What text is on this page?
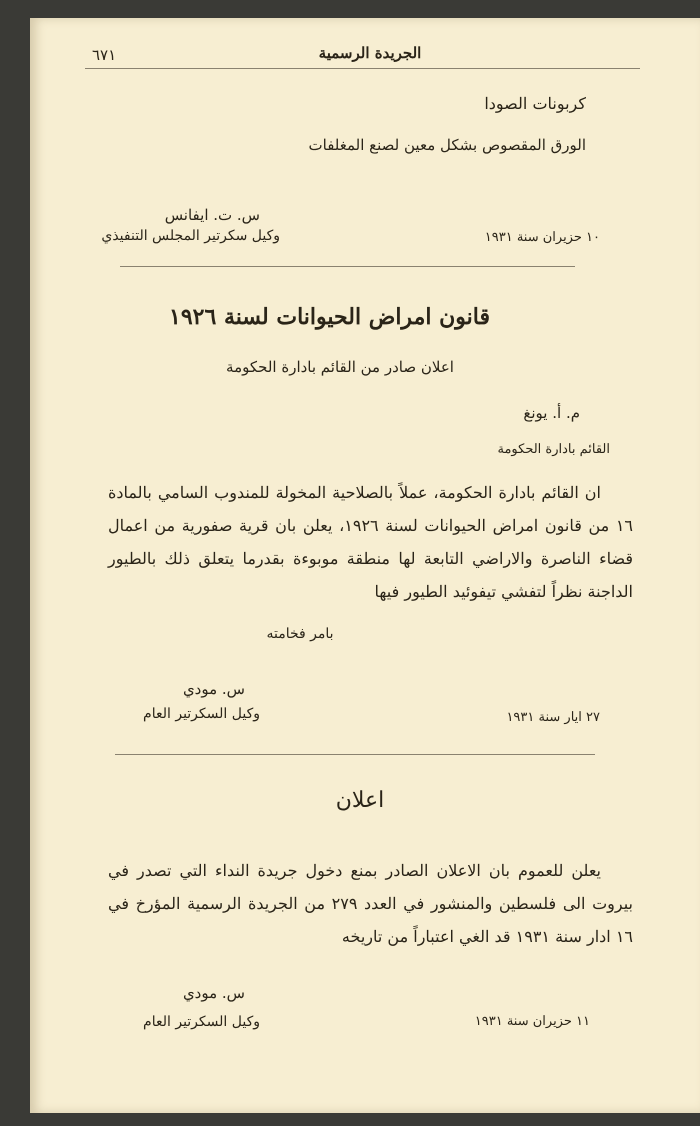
٦٧١	الجريدة الرسمية
كربونات الصودا
الورق المقصوص بشكل معين لصنع المغلفات
س. ت. ايفانس
وكيل سكرتير المجلس التنفيذي	١٠ حزيران سنة ١٩٣١
قانون امراض الحيوانات لسنة ١٩٢٦
اعلان صادر من القائم بادارة الحكومة
م. أ. يونغ
القائم بادارة الحكومة
ان القائم بادارة الحكومة، عملاً بالصلاحية المخولة للمندوب السامي بالمادة ١٦ من قانون امراض الحيوانات لسنة ١٩٢٦، يعلن بان قرية صفورية من اعمال قضاء الناصرة والاراضي التابعة لها منطقة موبوءة بقدرما يتعلق ذلك بالطيور الداجنة نظراً لتفشي تيفوئيد الطيور فيها
بامر فخامته
س. مودي
وكيل السكرتير العام	٢٧ ايار سنة ١٩٣١
اعلان
يعلن للعموم بان الاعلان الصادر بمنع دخول جريدة النداء التي تصدر في بيروت الى فلسطين والمنشور في العدد ٢٧٩ من الجريدة الرسمية المؤرخ في ١٦ ادار سنة ١٩٣١ قد الغي اعتباراً من تاريخه
س. مودي
وكيل السكرتير العام	١١ حزيران سنة ١٩٣١
